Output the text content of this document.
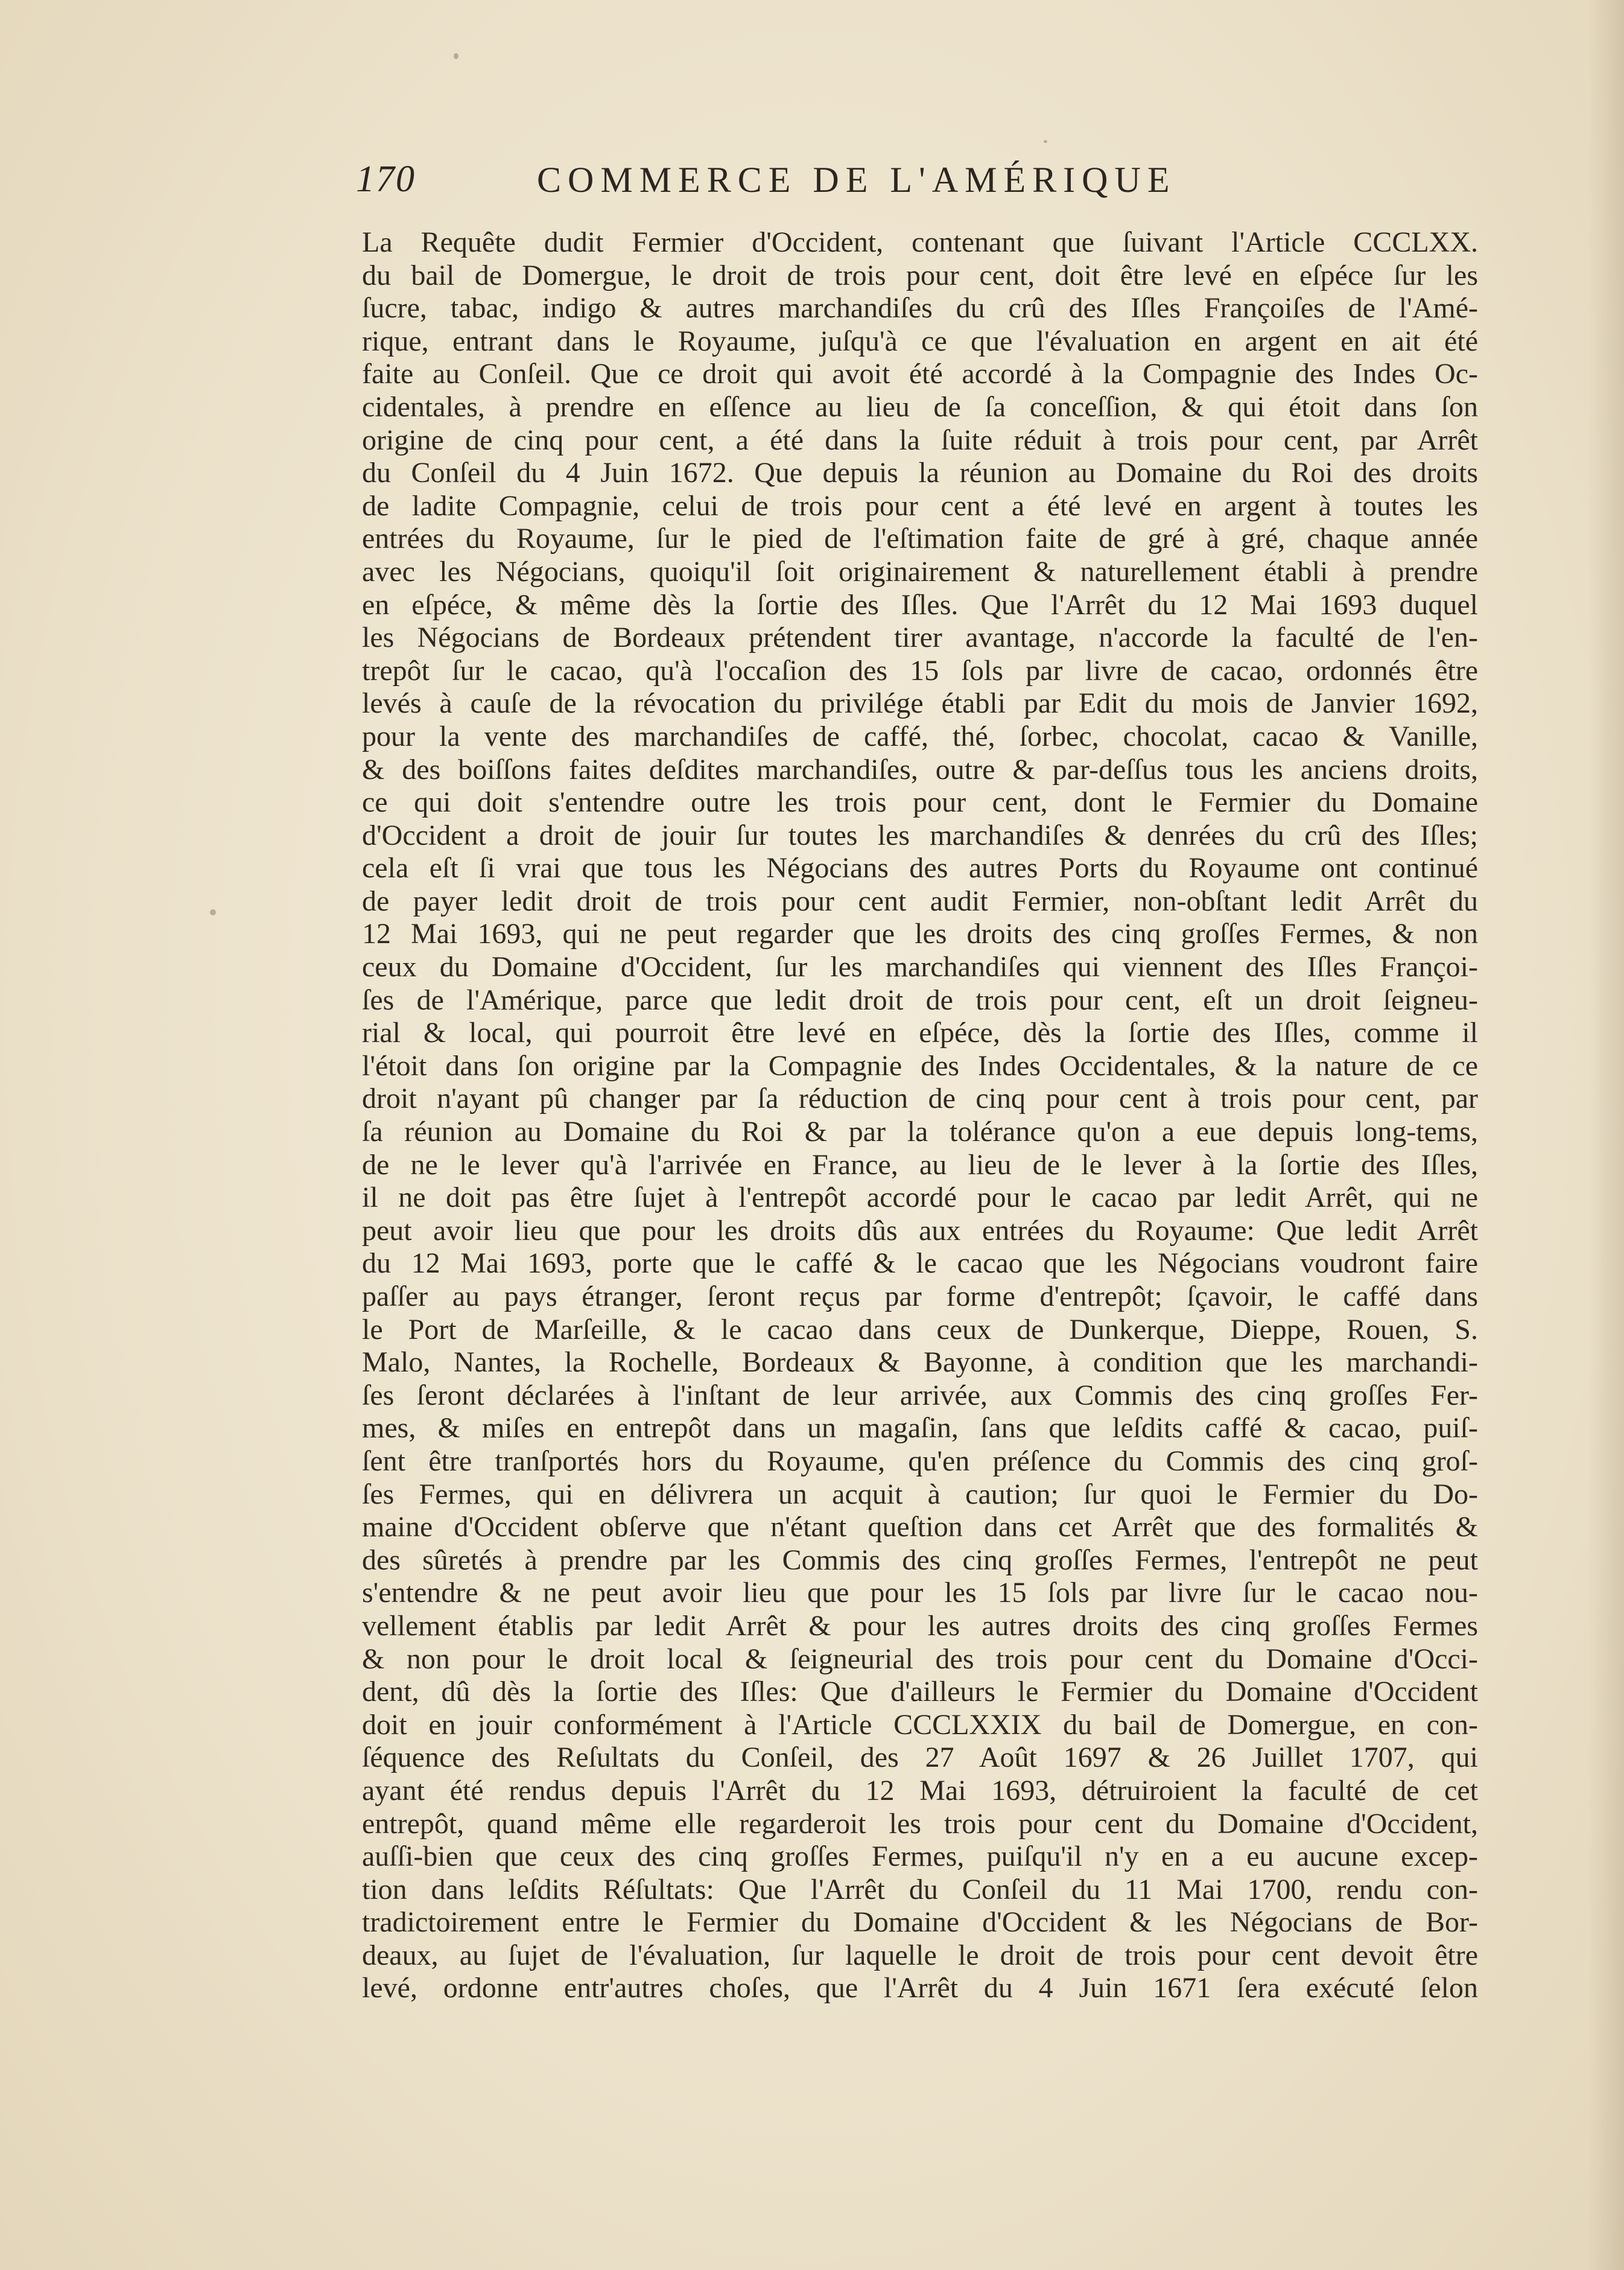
170	COMMERCE DE L'AMÉRIQUE
La Requête dudit Fermier d'Occident, contenant que ſuivant l'Article CCCLXX.
du bail de Domergue, le droit de trois pour cent, doit être levé en eſpéce ſur les
ſucre, tabac, indigo & autres marchandiſes du crû des Iſles Françoiſes de l'Amé-
rique, entrant dans le Royaume, juſqu'à ce que l'évaluation en argent en ait été
faite au Conſeil. Que ce droit qui avoit été accordé à la Compagnie des Indes Oc-
cidentales, à prendre en eſſence au lieu de ſa conceſſion, & qui étoit dans ſon
origine de cinq pour cent, a été dans la ſuite réduit à trois pour cent, par Arrêt
du Conſeil du 4 Juin 1672. Que depuis la réunion au Domaine du Roi des droits
de ladite Compagnie, celui de trois pour cent a été levé en argent à toutes les
entrées du Royaume, ſur le pied de l'eſtimation faite de gré à gré, chaque année
avec les Négocians, quoiqu'il ſoit originairement & naturellement établi à prendre
en eſpéce, & même dès la ſortie des Iſles. Que l'Arrêt du 12 Mai 1693 duquel
les Négocians de Bordeaux prétendent tirer avantage, n'accorde la faculté de l'en-
trepôt ſur le cacao, qu'à l'occaſion des 15 ſols par livre de cacao, ordonnés être
levés à cauſe de la révocation du privilége établi par Edit du mois de Janvier 1692,
pour la vente des marchandiſes de caffé, thé, ſorbec, chocolat, cacao & Vanille,
& des boiſſons faites deſdites marchandiſes, outre & par-deſſus tous les anciens droits,
ce qui doit s'entendre outre les trois pour cent, dont le Fermier du Domaine
d'Occident a droit de jouir ſur toutes les marchandiſes & denrées du crû des Iſles;
cela eſt ſi vrai que tous les Négocians des autres Ports du Royaume ont continué
de payer ledit droit de trois pour cent audit Fermier, non-obſtant ledit Arrêt du
12 Mai 1693, qui ne peut regarder que les droits des cinq groſſes Fermes, & non
ceux du Domaine d'Occident, ſur les marchandiſes qui viennent des Iſles Françoi-
ſes de l'Amérique, parce que ledit droit de trois pour cent, eſt un droit ſeigneu-
rial & local, qui pourroit être levé en eſpéce, dès la ſortie des Iſles, comme il
l'étoit dans ſon origine par la Compagnie des Indes Occidentales, & la nature de ce
droit n'ayant pû changer par ſa réduction de cinq pour cent à trois pour cent, par
ſa réunion au Domaine du Roi & par la tolérance qu'on a eue depuis long-tems,
de ne le lever qu'à l'arrivée en France, au lieu de le lever à la ſortie des Iſles,
il ne doit pas être ſujet à l'entrepôt accordé pour le cacao par ledit Arrêt, qui ne
peut avoir lieu que pour les droits dûs aux entrées du Royaume: Que ledit Arrêt
du 12 Mai 1693, porte que le caffé & le cacao que les Négocians voudront faire
paſſer au pays étranger, ſeront reçus par forme d'entrepôt; ſçavoir, le caffé dans
le Port de Marſeille, & le cacao dans ceux de Dunkerque, Dieppe, Rouen, S.
Malo, Nantes, la Rochelle, Bordeaux & Bayonne, à condition que les marchandi-
ſes ſeront déclarées à l'inſtant de leur arrivée, aux Commis des cinq groſſes Fer-
mes, & miſes en entrepôt dans un magaſin, ſans que leſdits caffé & cacao, puiſ-
ſent être tranſportés hors du Royaume, qu'en préſence du Commis des cinq groſ-
ſes Fermes, qui en délivrera un acquit à caution; ſur quoi le Fermier du Do-
maine d'Occident obſerve que n'étant queſtion dans cet Arrêt que des formalités &
des sûretés à prendre par les Commis des cinq groſſes Fermes, l'entrepôt ne peut
s'entendre & ne peut avoir lieu que pour les 15 ſols par livre ſur le cacao nou-
vellement établis par ledit Arrêt & pour les autres droits des cinq groſſes Fermes
& non pour le droit local & ſeigneurial des trois pour cent du Domaine d'Occi-
dent, dû dès la ſortie des Iſles: Que d'ailleurs le Fermier du Domaine d'Occident
doit en jouir conformément à l'Article CCCLXXIX du bail de Domergue, en con-
ſéquence des Reſultats du Conſeil, des 27 Août 1697 & 26 Juillet 1707, qui
ayant été rendus depuis l'Arrêt du 12 Mai 1693, détruiroient la faculté de cet
entrepôt, quand même elle regarderoit les trois pour cent du Domaine d'Occident,
auſſi-bien que ceux des cinq groſſes Fermes, puiſqu'il n'y en a eu aucune excep-
tion dans leſdits Réſultats: Que l'Arrêt du Conſeil du 11 Mai 1700, rendu con-
tradictoirement entre le Fermier du Domaine d'Occident & les Négocians de Bor-
deaux, au ſujet de l'évaluation, ſur laquelle le droit de trois pour cent devoit être
levé, ordonne entr'autres choſes, que l'Arrêt du 4 Juin 1671 ſera exécuté ſelon
